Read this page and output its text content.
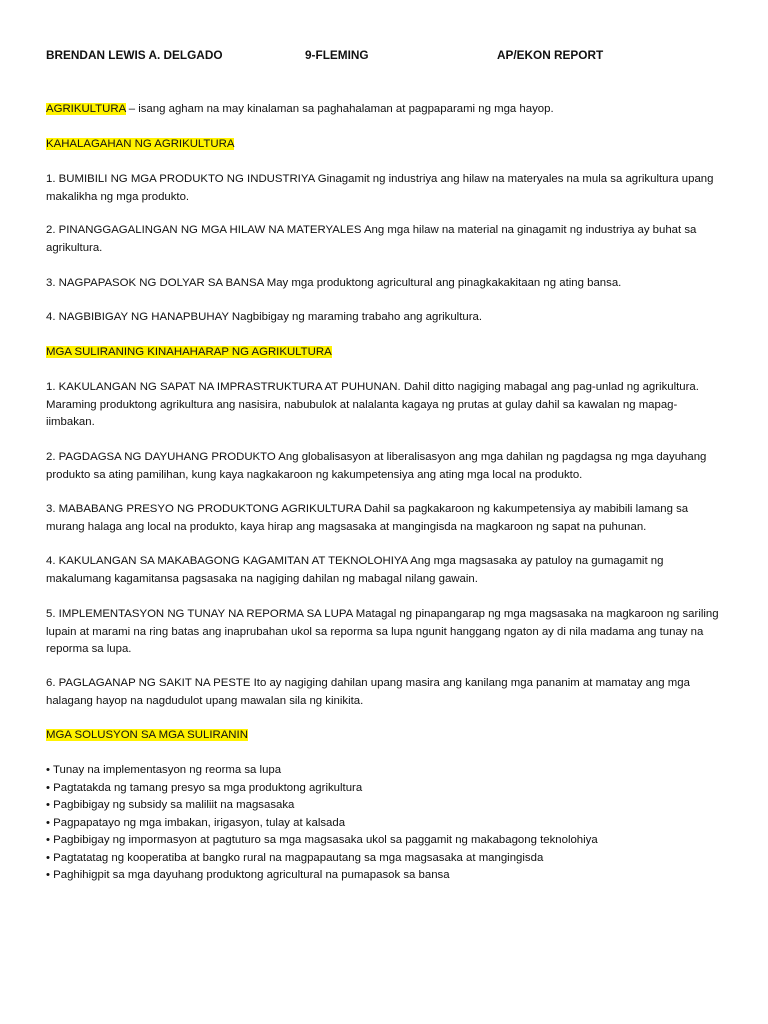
BRENDAN LEWIS A. DELGADO	9-FLEMING	AP/EKON REPORT
AGRIKULTURA – isang agham na may kinalaman sa paghahalaman at pagpaparami ng mga hayop.
KAHALAGAHAN NG AGRIKULTURA
1. BUMIBILI NG MGA PRODUKTO NG INDUSTRIYA Ginagamit ng industriya ang hilaw na materyales na mula sa agrikultura upang makalikha ng mga produkto.
2. PINANGGAGALINGAN NG MGA HILAW NA MATERYALES Ang mga hilaw na material na ginagamit ng industriya ay buhat sa agrikultura.
3. NAGPAPASOK NG DOLYAR SA BANSA May mga produktong agricultural ang pinagkakakitaan ng ating bansa.
4. NAGBIBIGAY NG HANAPBUHAY Nagbibigay ng maraming trabaho ang agrikultura.
MGA SULIRANING KINAHAHARAP NG AGRIKULTURA
1. KAKULANGAN NG SAPAT NA IMPRASTRUKTURA AT PUHUNAN. Dahil ditto nagiging mabagal ang pag-unlad ng agrikultura. Maraming produktong agrikultura ang nasisira, nabubulok at nalalanta kagaya ng prutas at gulay dahil sa kawalan ng mapag-iimbakan.
2. PAGDAGSA NG DAYUHANG PRODUKTO Ang globalisasyon at liberalisasyon ang mga dahilan ng pagdagsa ng mga dayuhang produkto sa ating pamilihan, kung kaya nagkakaroon ng kakumpetensiya ang ating mga local na produkto.
3. MABABANG PRESYO NG PRODUKTONG AGRIKULTURA Dahil sa pagkakaroon ng kakumpetensiya ay mabibili lamang sa murang halaga ang local na produkto, kaya hirap ang magsasaka at mangingisda na magkaroon ng sapat na puhunan.
4. KAKULANGAN SA MAKABAGONG KAGAMITAN AT TEKNOLOHIYA Ang mga magsasaka ay patuloy na gumagamit ng makalumang kagamitansa pagsasaka na nagiging dahilan ng mabagal nilang gawain.
5. IMPLEMENTASYON NG TUNAY NA REPORMA SA LUPA Matagal ng pinapangarap ng mga magsasaka na magkaroon ng sariling lupain at marami na ring batas ang inaprubahan ukol sa reporma sa lupa ngunit hanggang ngaton ay di nila madama ang tunay na reporma sa lupa.
6. PAGLAGANAP NG SAKIT NA PESTE Ito ay nagiging dahilan upang masira ang kanilang mga pananim at mamatay ang mga halagang hayop na nagdudulot upang mawalan sila ng kinikita.
MGA SOLUSYON SA MGA SULIRANIN
• Tunay na implementasyon ng reorma sa lupa
• Pagtatakda ng tamang presyo sa mga produktong agrikultura
• Pagbibigay ng subsidy sa maliliit na magsasaka
• Pagpapatayo ng mga imbakan, irigasyon, tulay at kalsada
• Pagbibigay ng impormasyon at pagtuturo sa mga magsasaka ukol sa paggamit ng makabagong teknolohiya
• Pagtatatag ng kooperatiba at bangko rural na magpapautang sa mga magsasaka at mangingisda
• Paghihigpit sa mga dayuhang produktong agricultural na pumapasok sa bansa
